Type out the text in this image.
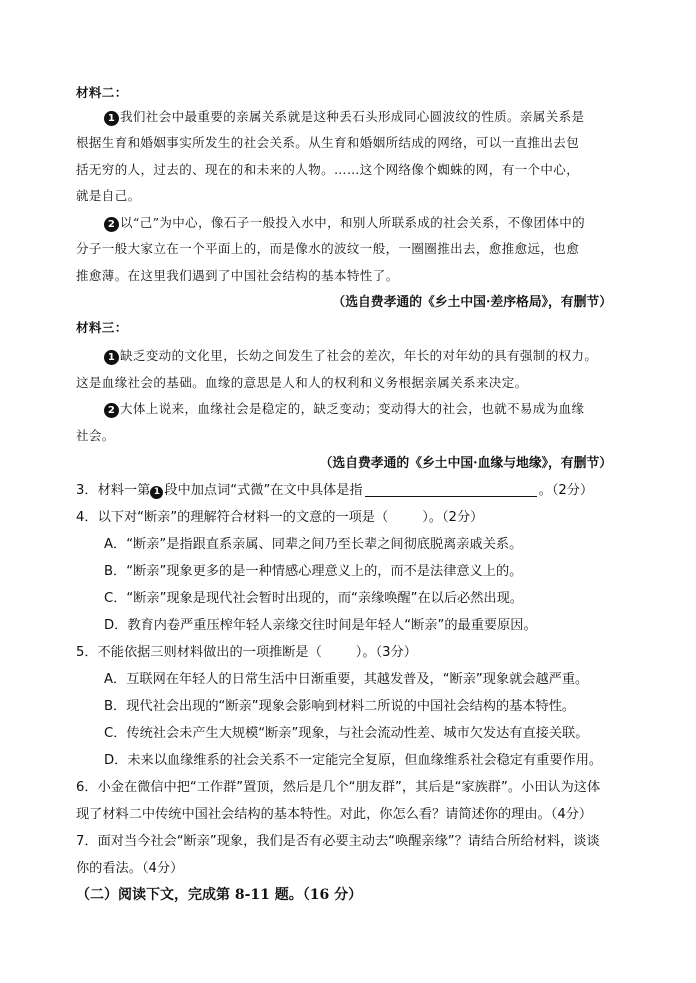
材料二：
1 我们社会中最重要的亲属关系就是这种丢石头形成同心圆波纹的性质。亲属关系是
根据生育和婚姻事实所发生的社会关系。从生育和婚姻所结成的网络，可以一直推出去包
括无穷的人，过去的、现在的和未来的人物。……这个网络像个蜘蛛的网，有一个中心，
就是自己。
2 以“己”为中心，像石子一般投入水中，和别人所联系成的社会关系，不像团体中的
分子一般大家立在一个平面上的，而是像水的波纹一般，一圈圈推出去，愈推愈远，也愈
推愈薄。在这里我们遇到了中国社会结构的基本特性了。
（选自费孝通的《乡土中国·差序格局》，有删节）
材料三：
1 缺乏变动的文化里，长幼之间发生了社会的差次，年长的对年幼的具有强制的权力。
这是血缘社会的基础。血缘的意思是人和人的权利和义务根据亲属关系来决定。
2 大体上说来，血缘社会是稳定的，缺乏变动；变动得大的社会，也就不易成为血缘
社会。
（选自费孝通的《乡土中国·血缘与地缘》，有删节）
3．材料一第 1 段中加点词“式微”在文中具体是指	。（2分）
4．以下对“断亲”的理解符合材料一的文意的一项是（	）。（2分）
A．“断亲”是指跟直系亲属、同辈之间乃至长辈之间彻底脱离亲戚关系。
B．“断亲”现象更多的是一种情感心理意义上的，而不是法律意义上的。
C．“断亲”现象是现代社会暂时出现的，而“亲缘唤醒”在以后必然出现。
D．教育内卷严重压榨年轻人亲缘交往时间是年轻人“断亲”的最重要原因。
5．不能依据三则材料做出的一项推断是（	）。（3分）
A．互联网在年轻人的日常生活中日渐重要，其越发普及，“断亲”现象就会越严重。
B．现代社会出现的“断亲”现象会影响到材料二所说的中国社会结构的基本特性。
C．传统社会未产生大规模“断亲”现象，与社会流动性差、城市欠发达有直接关联。
D．未来以血缘维系的社会关系不一定能完全复原，但血缘维系社会稳定有重要作用。
6．小金在微信中把“工作群”置顶，然后是几个“朋友群”，其后是“家族群”。小田认为这体
现了材料二中传统中国社会结构的基本特性。对此，你怎么看？请简述你的理由。（4分）
7．面对当今社会“断亲”现象，我们是否有必要主动去“唤醒亲缘”？请结合所给材料，谈谈
你的看法。（4分）
（二）阅读下文，完成第 8-11 题。（16 分）
